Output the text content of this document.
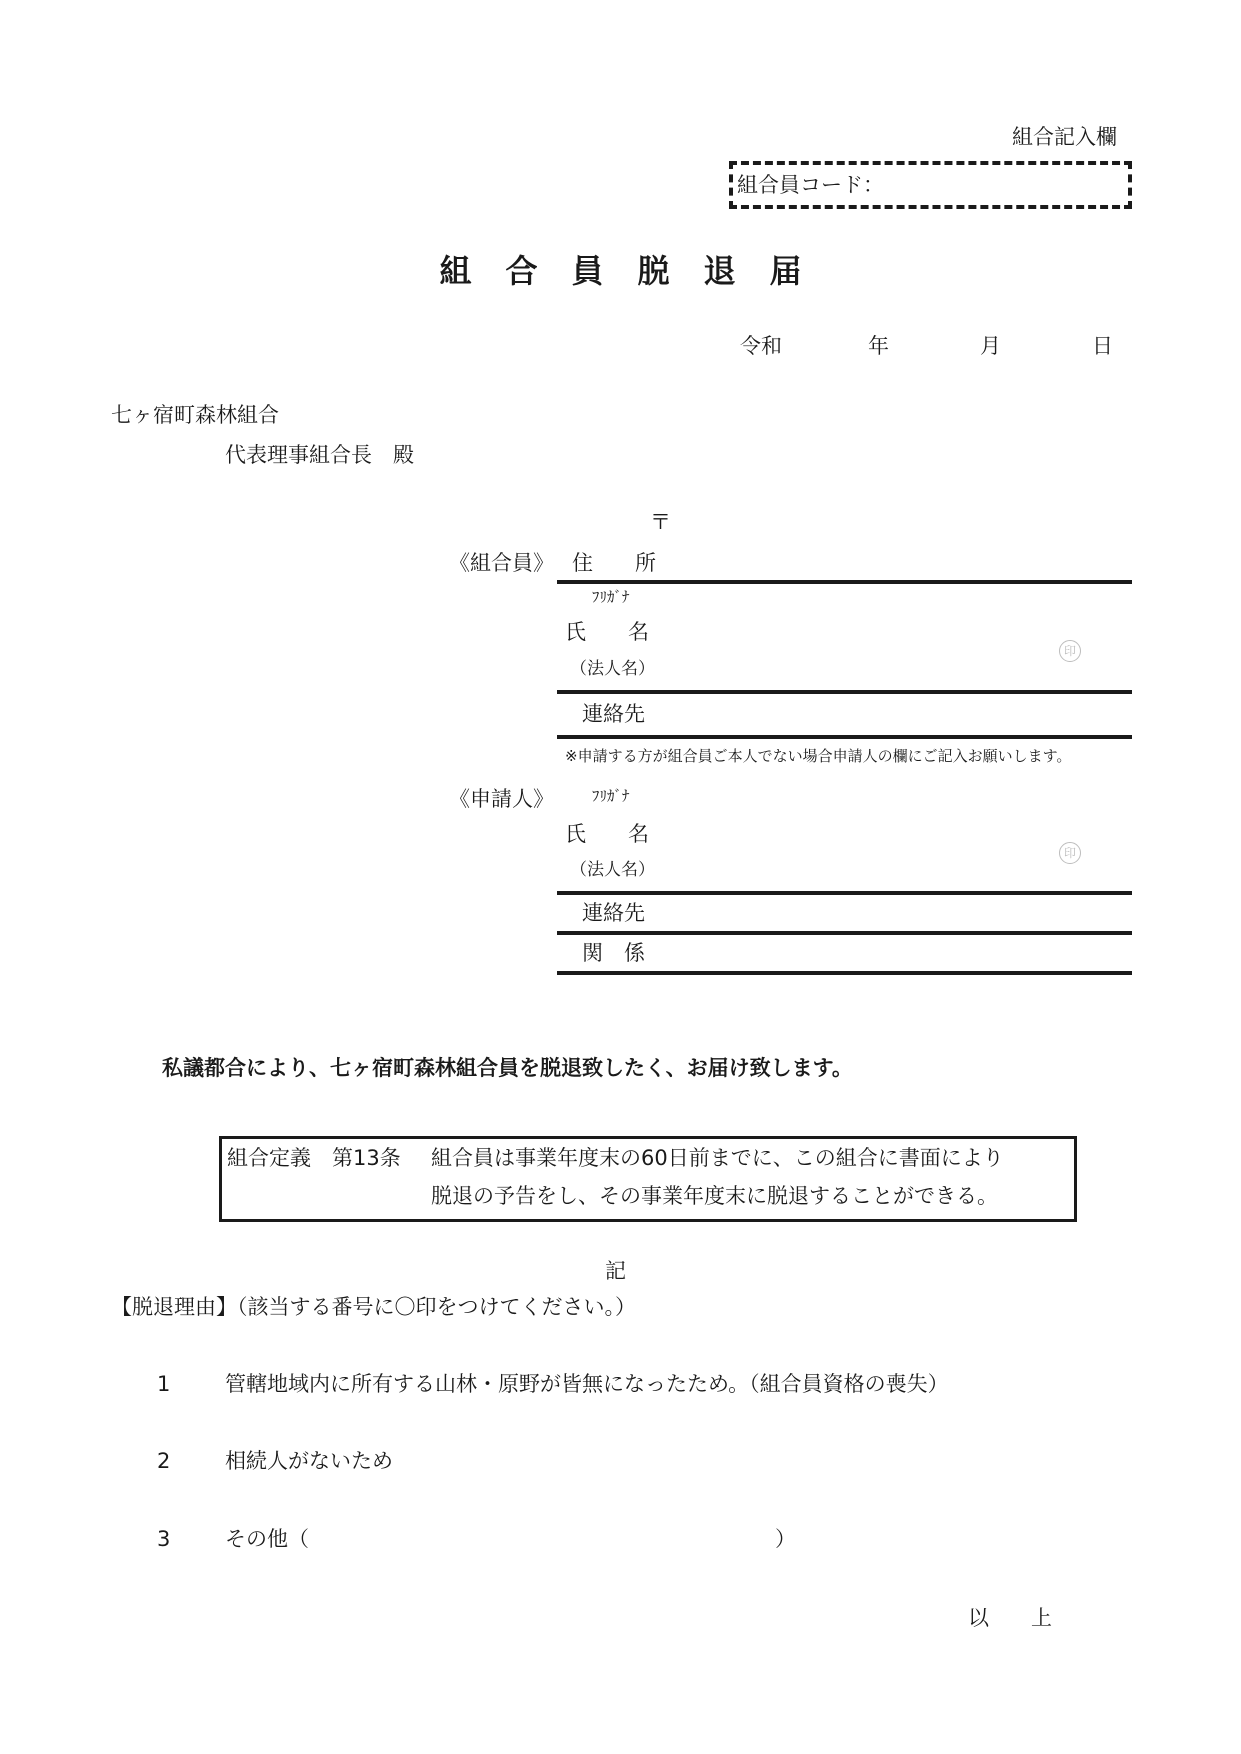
組合記入欄
組合員コード：
組合員脱退届
令和	年	月	日
七ヶ宿町森林組合
代表理事組合長　殿
〒
《組合員》 住　　所
ﾌﾘｶﾞﾅ
氏　　名
印
（法人名）
連絡先
※申請する方が組合員ご本人でない場合申請人の欄にご記入お願いします。
《申請人》	ﾌﾘｶﾞﾅ
氏　　名
印
（法人名）
連絡先
関　係
私議都合により、七ヶ宿町森林組合員を脱退致したく、お届け致します。
組合定義　第13条 組合員は事業年度末の60日前までに、この組合に書面により
脱退の予告をし、その事業年度末に脱退することができる。
記
【脱退理由】（該当する番号に〇印をつけてください。）
1	管轄地域内に所有する山林・原野が皆無になったため。（組合員資格の喪失）
2	相続人がないため
3	その他（	）
以　　上
